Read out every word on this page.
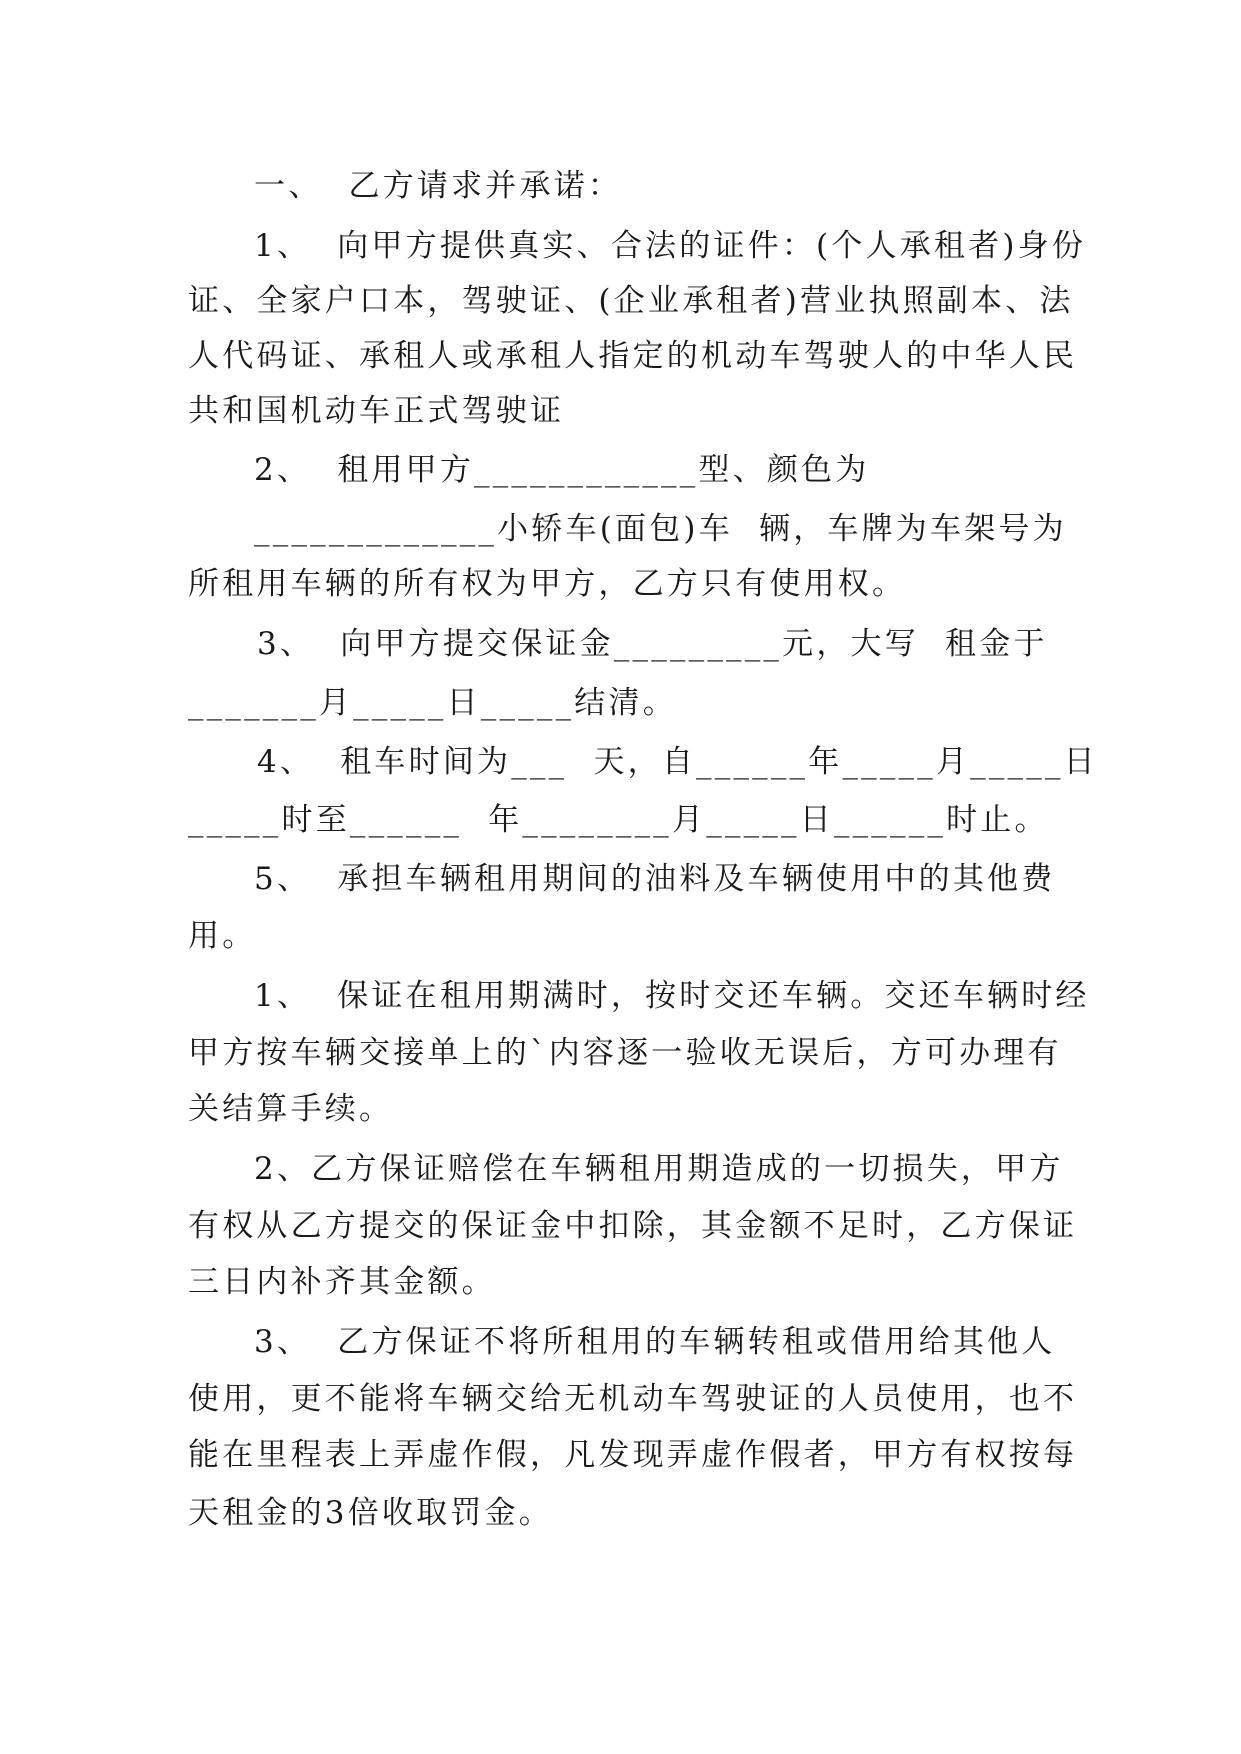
一、  乙方请求并承诺：
1、  向甲方提供真实、合法的证件：(个人承租者)身份
证、全家户口本，驾驶证、(企业承租者)营业执照副本、法
人代码证、承租人或承租人指定的机动车驾驶人的中华人民
共和国机动车正式驾驶证
2、  租用甲方____________型、颜色为
_____________小轿车(面包)车  辆，车牌为车架号为
所租用车辆的所有权为甲方，乙方只有使用权。
3、  向甲方提交保证金_________元，大写  租金于
_______月_____日_____结清。
4、  租车时间为___  天，自______年_____月_____日
_____时至______  年________月_____日______时止。
5、  承担车辆租用期间的油料及车辆使用中的其他费
用。
1、  保证在租用期满时，按时交还车辆。交还车辆时经
甲方按车辆交接单上的`内容逐一验收无误后，方可办理有
关结算手续。
2、乙方保证赔偿在车辆租用期造成的一切损失，甲方
有权从乙方提交的保证金中扣除，其金额不足时，乙方保证
三日内补齐其金额。
3、  乙方保证不将所租用的车辆转租或借用给其他人
使用，更不能将车辆交给无机动车驾驶证的人员使用，也不
能在里程表上弄虚作假，凡发现弄虚作假者，甲方有权按每
天租金的3倍收取罚金。
